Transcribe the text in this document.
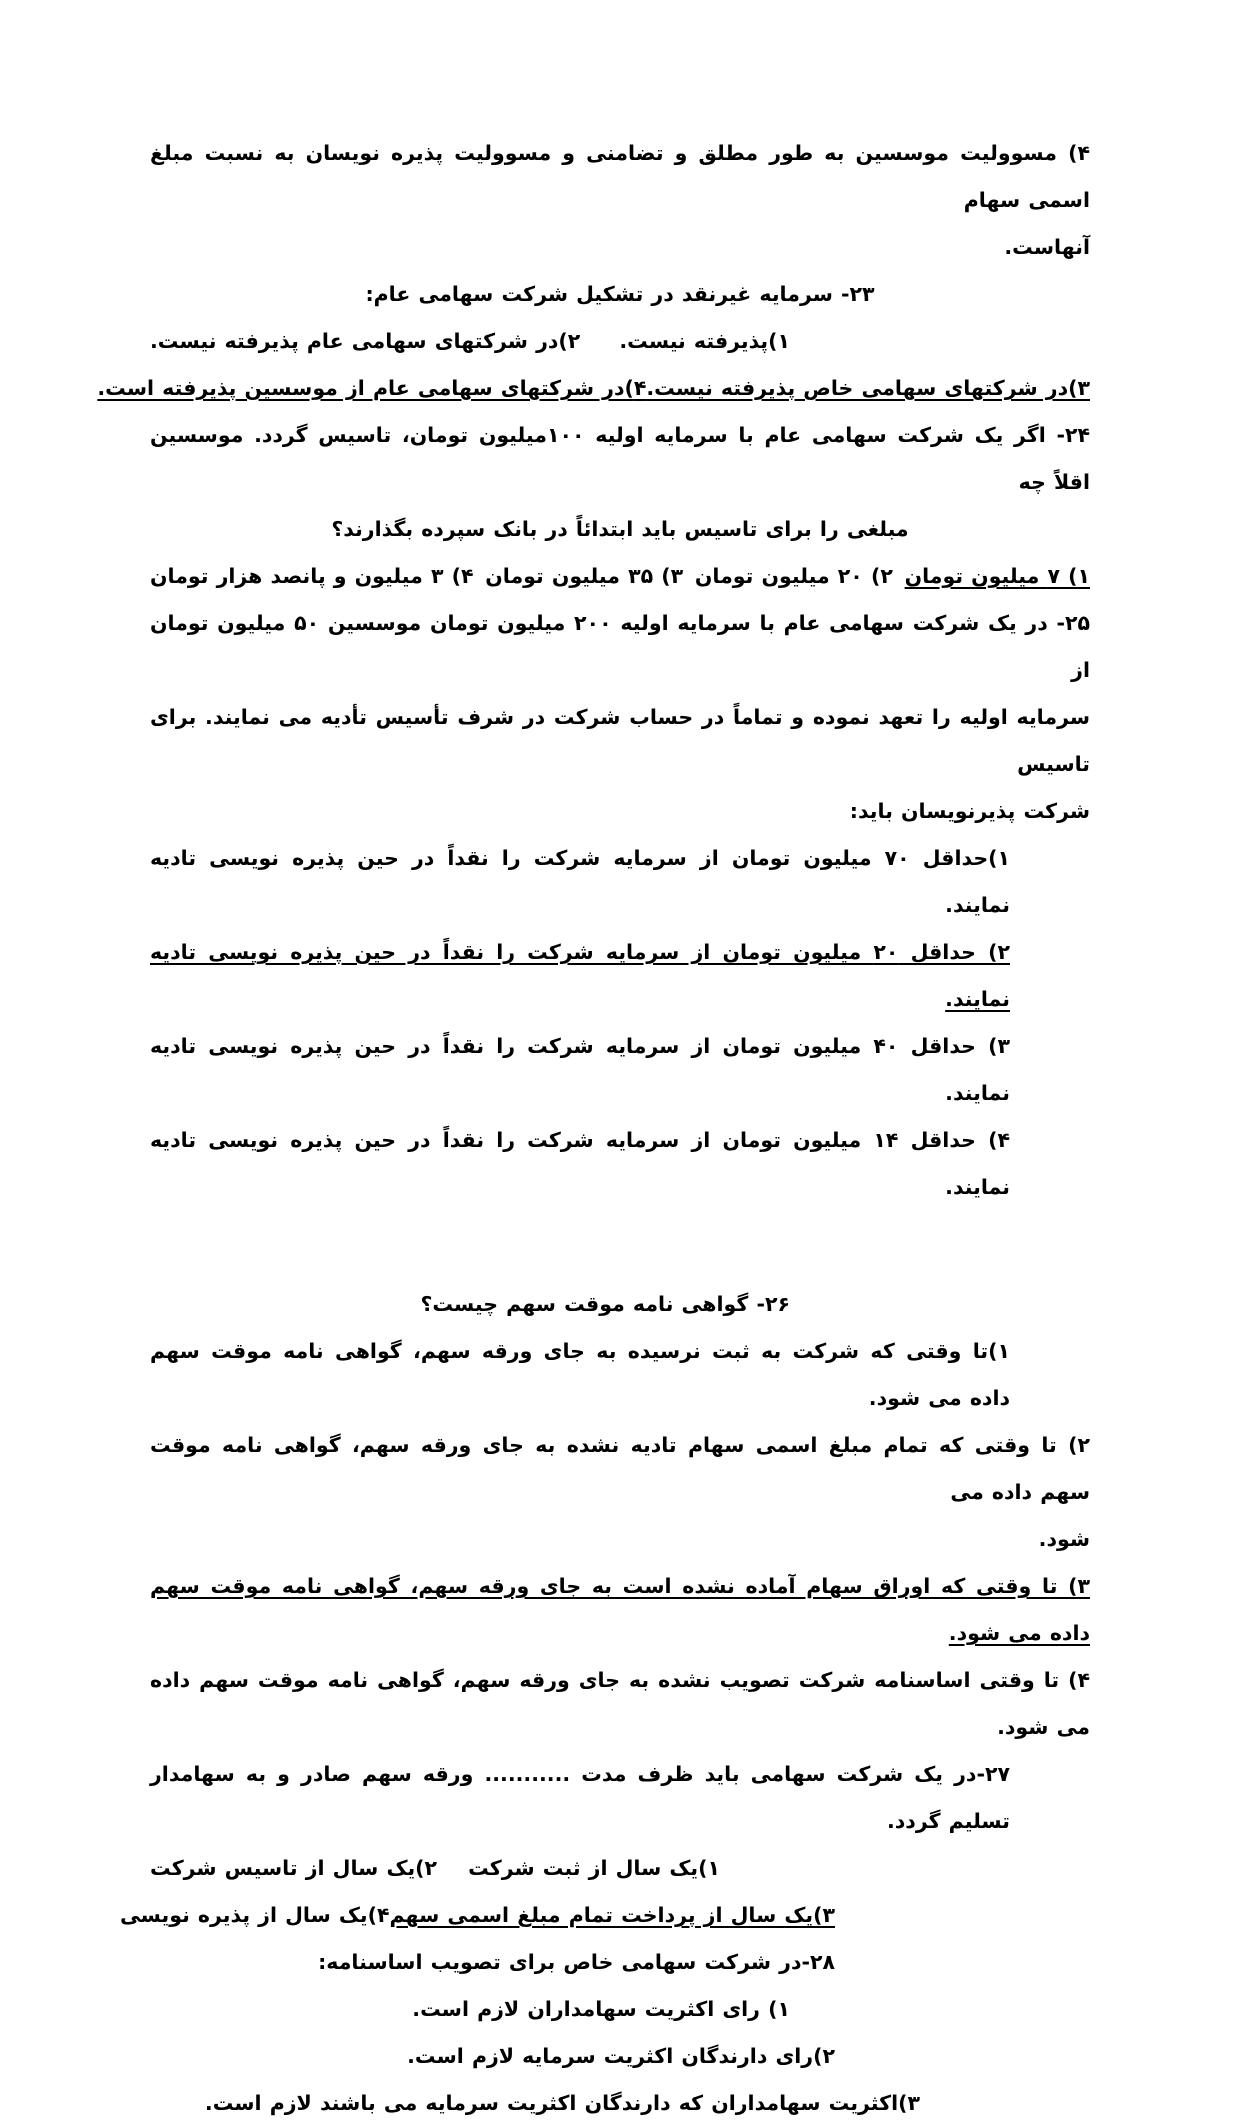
۴) مسوولیت موسسین به طور مطلق و تضامنی و مسوولیت پذیره نویسان به نسبت مبلغ اسمی سهام

آنهاست.

۲۳- سرمایه غیرنقد در تشکیل شرکت سهامی عام:

۱)پذیرفته نیست.
۲)در شرکتهای سهامی عام پذیرفته نیست.
۳)در شرکتهای سهامی خاص پذیرفته نیست.
۴)در شرکتهای سهامی عام از موسسین پذیرفته است.

۲۴- اگر یک شرکت سهامی عام با سرمایه اولیه ۱۰۰میلیون تومان، تاسیس گردد. موسسین اقلاً چه

مبلغی را برای تاسیس باید ابتدائاً در بانک سپرده بگذارند؟

۱) ۷ میلیون تومان
۲) ۲۰ میلیون تومان
۳) ۳۵ میلیون تومان
۴) ۳ میلیون و پانصد هزار تومان

۲۵- در یک شرکت سهامی عام با سرمایه اولیه ۲۰۰ میلیون تومان موسسین ۵۰ میلیون تومان از

سرمایه اولیه را تعهد نموده و تماماً در حساب شرکت در شرف تأسیس تأدیه می نمایند. برای تاسیس

شرکت پذیرنویسان باید:

۱)حداقل ۷۰ میلیون تومان از سرمایه شرکت را نقداً در حین پذیره نویسی تادیه نمایند.

۲) حداقل ۲۰ میلیون تومان از سرمایه شرکت را نقداً در حین پذیره نویسی تادیه نمایند.

۳) حداقل ۴۰ میلیون تومان از سرمایه شرکت را نقداً در حین پذیره نویسی تادیه نمایند.

۴) حداقل ۱۴ میلیون تومان از سرمایه شرکت را نقداً در حین پذیره نویسی تادیه نمایند.

۲۶- گواهی نامه موقت سهم چیست؟

۱)تا وقتی که شرکت به ثبت نرسیده به جای ورقه سهم، گواهی نامه موقت سهم داده می شود.

۲) تا وقتی که تمام مبلغ اسمی سهام تادیه نشده به جای ورقه سهم، گواهی نامه موقت سهم داده می

شود.

۳) تا وقتی که اوراق سهام آماده نشده است به جای ورقه سهم، گواهی نامه موقت سهم داده می شود.

۴) تا وقتی اساسنامه شرکت تصویب نشده به جای ورقه سهم، گواهی نامه موقت سهم داده می شود.

۲۷-در یک شرکت سهامی باید ظرف مدت ........... ورقه سهم صادر و به سهامدار تسلیم گردد.

۱)یک سال از ثبت شرکت
۲)یک سال از تاسیس شرکت
۳)یک سال از پرداخت تمام مبلغ اسمی سهم
۴)یک سال از پذیره نویسی

۲۸-در شرکت سهامی خاص برای تصویب اساسنامه:

۱) رای اکثریت سهامداران لازم است.

۲)رای دارندگان اکثریت سرمایه لازم است.

۳)اکثریت سهامداران که دارندگان اکثریت سرمایه می باشند لازم است.
